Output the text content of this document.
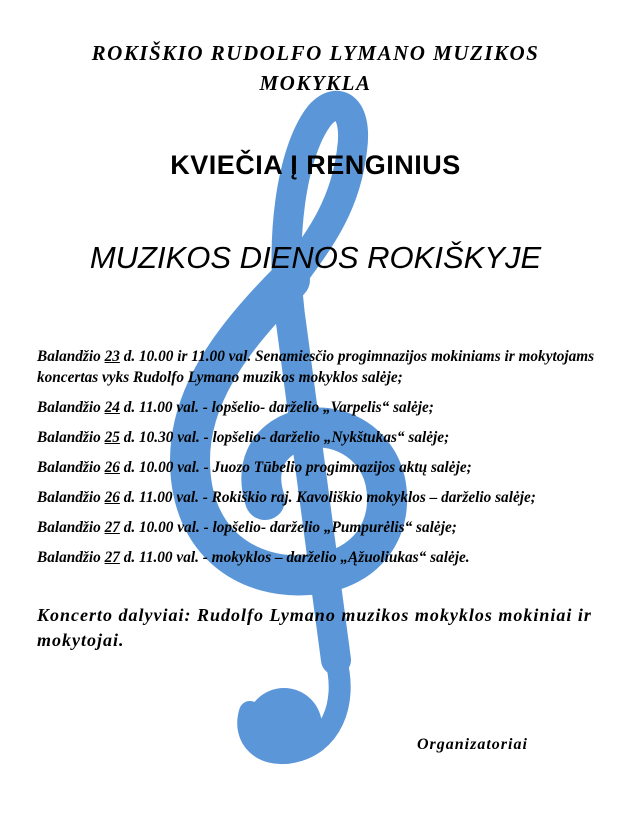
ROKIŠKIO RUDOLFO LYMANO MUZIKOS
MOKYKLA
KVIEČIA Į RENGINIUS
MUZIKOS DIENOS ROKIŠKYJE
Balandžio 23 d. 10.00 ir 11.00 val. Senamiesčio progimnazijos mokiniams ir mokytojams koncertas vyks Rudolfo Lymano muzikos mokyklos salėje;
Balandžio 24 d. 11.00 val. - lopšelio- darželio „Varpelis“ salėje;
Balandžio 25 d. 10.30 val. - lopšelio- darželio „Nykštukas“ salėje;
Balandžio 26 d. 10.00 val. - Juozo Tūbelio progimnazijos aktų salėje;
Balandžio 26 d. 11.00 val. - Rokiškio raj. Kavoliškio mokyklos – darželio salėje;
Balandžio 27 d. 10.00 val. - lopšelio- darželio „Pumpurėlis“ salėje;
Balandžio 27 d. 11.00 val. - mokyklos – darželio „Ąžuoliukas“ salėje.
Koncerto dalyviai: Rudolfo Lymano muzikos mokyklos mokiniai ir mokytojai.
Organizatoriai
